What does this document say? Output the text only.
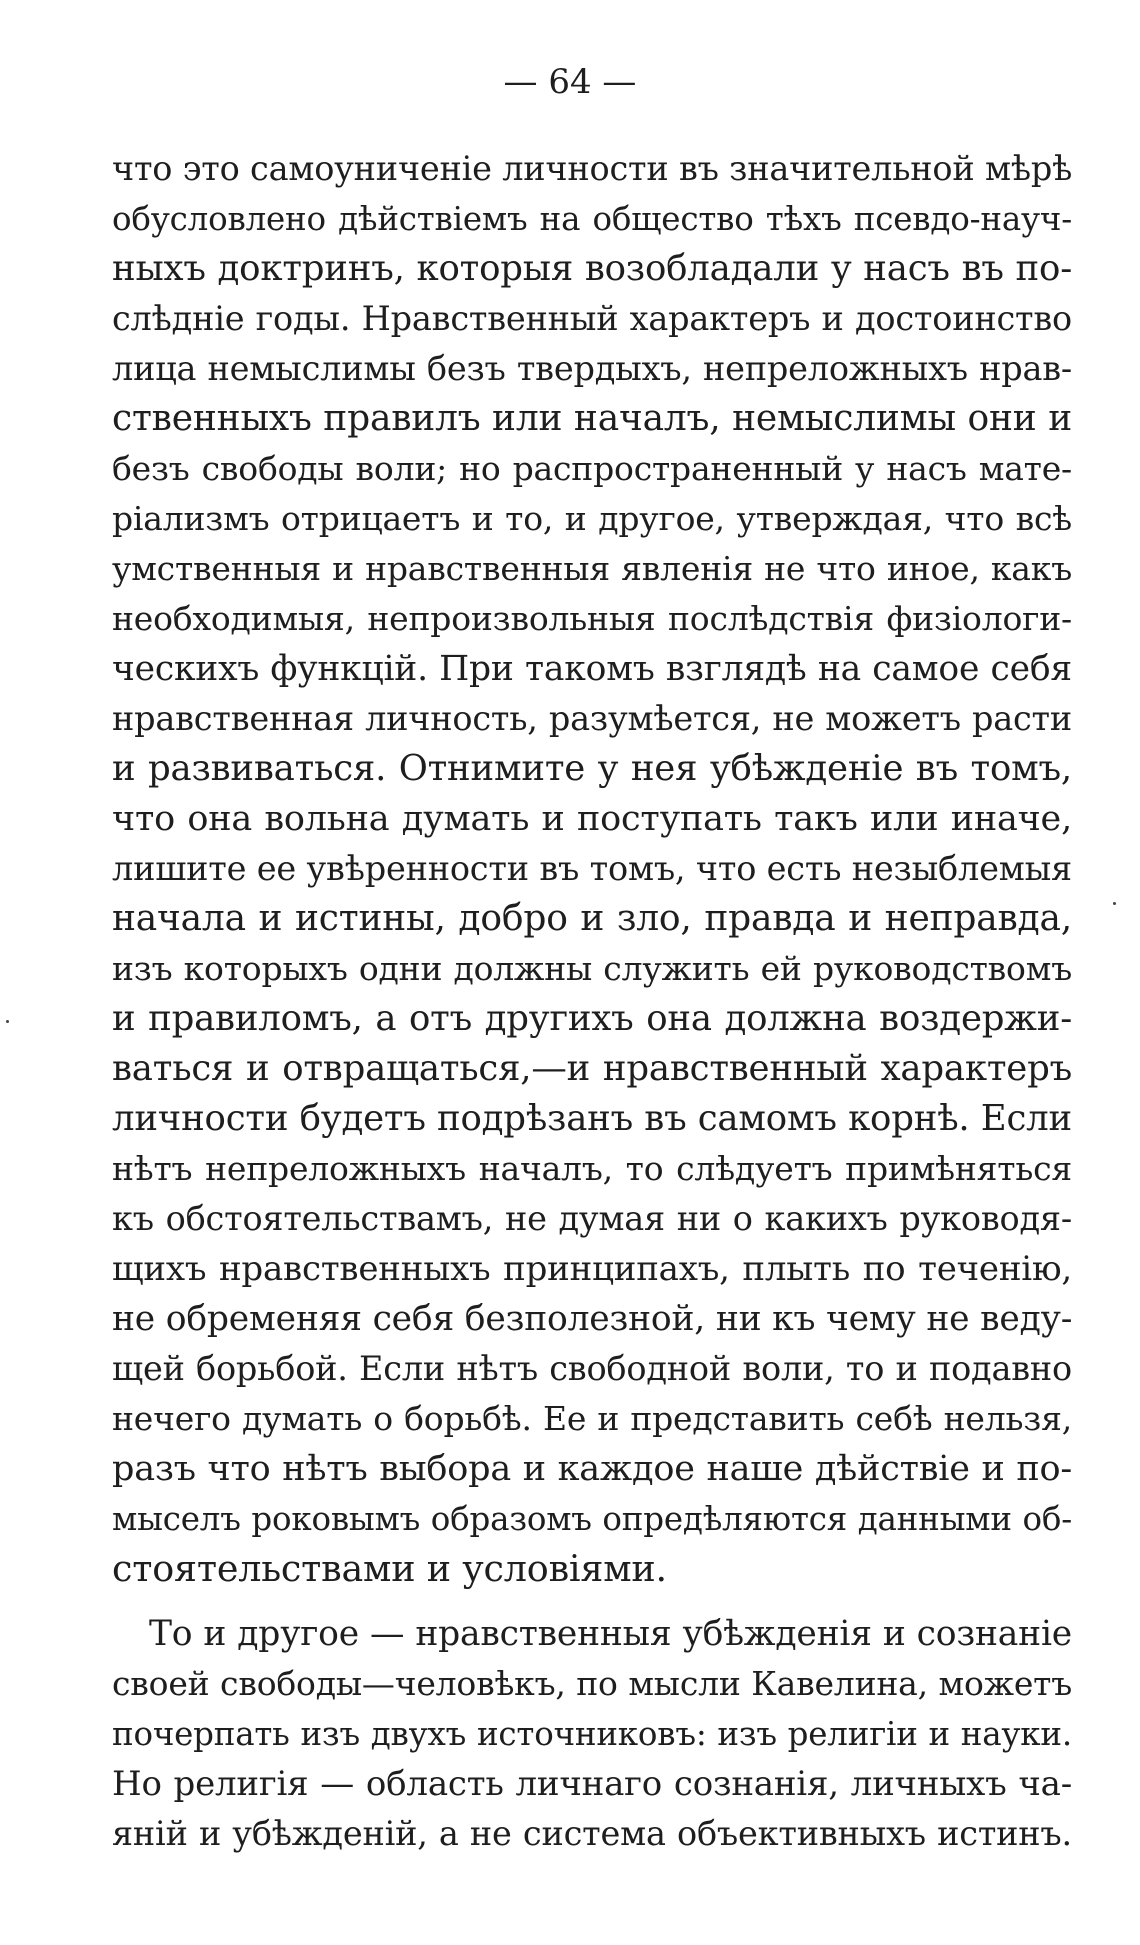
— 64 —
что это самоуниченіе личности въ значительной мѣрѣ
обусловлено дѣйствіемъ на общество тѣхъ псевдо-науч-
ныхъ доктринъ, которыя возобладали у насъ въ по-
слѣдніе годы. Нравственный характеръ и достоинство
лица немыслимы безъ твердыхъ, непреложныхъ нрав-
ственныхъ правилъ или началъ, немыслимы они и
безъ свободы воли; но распространенный у насъ мате-
ріализмъ отрицаетъ и то, и другое, утверждая, что всѣ
умственныя и нравственныя явленія не что иное, какъ
необходимыя, непроизвольныя послѣдствія физіологи-
ческихъ функцій. При такомъ взглядѣ на самое себя
нравственная личность, разумѣется, не можетъ расти
и развиваться. Отнимите у нея убѣжденіе въ томъ,
что она вольна думать и поступать такъ или иначе,
лишите ее увѣренности въ томъ, что есть незыблемыя
начала и истины, добро и зло, правда и неправда,
изъ которыхъ одни должны служить ей руководствомъ
и правиломъ, а отъ другихъ она должна воздержи-
ваться и отвращаться,—и нравственный характеръ
личности будетъ подрѣзанъ въ самомъ корнѣ. Если
нѣтъ непреложныхъ началъ, то слѣдуетъ примѣняться
къ обстоятельствамъ, не думая ни о какихъ руководя-
щихъ нравственныхъ принципахъ, плыть по теченію,
не обременяя себя безполезной, ни къ чему не веду-
щей борьбой. Если нѣтъ свободной воли, то и подавно
нечего думать о борьбѣ. Ее и представить себѣ нельзя,
разъ что нѣтъ выбора и каждое наше дѣйствіе и по-
мыселъ роковымъ образомъ опредѣляются данными об-
стоятельствами и условіями.
То и другое — нравственныя убѣжденія и сознаніе
своей свободы—человѣкъ, по мысли Кавелина, можетъ
почерпать изъ двухъ источниковъ: изъ религіи и науки.
Но религія — область личнаго сознанія, личныхъ ча-
яній и убѣжденій, а не система объективныхъ истинъ.
